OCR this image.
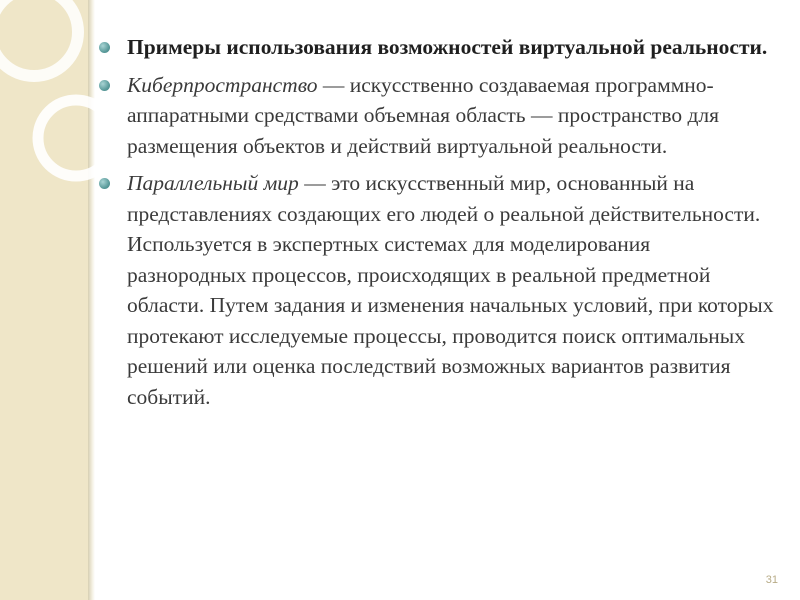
Примеры использования возможностей виртуальной реальности.
Киберпространство — искусственно создаваемая программно-аппаратными средствами объемная область — пространство для размещения объектов и действий виртуальной реальности.
Параллельный мир — это искусственный мир, основанный на представлениях создающих его людей о реальной действительности. Используется в экспертных системах для моделирования разнородных процессов, происходящих в реальной предметной области. Путем задания и изменения начальных условий, при которых протекают исследуемые процессы, проводится поиск оптимальных решений или оценка последствий возможных вариантов развития событий.
31
